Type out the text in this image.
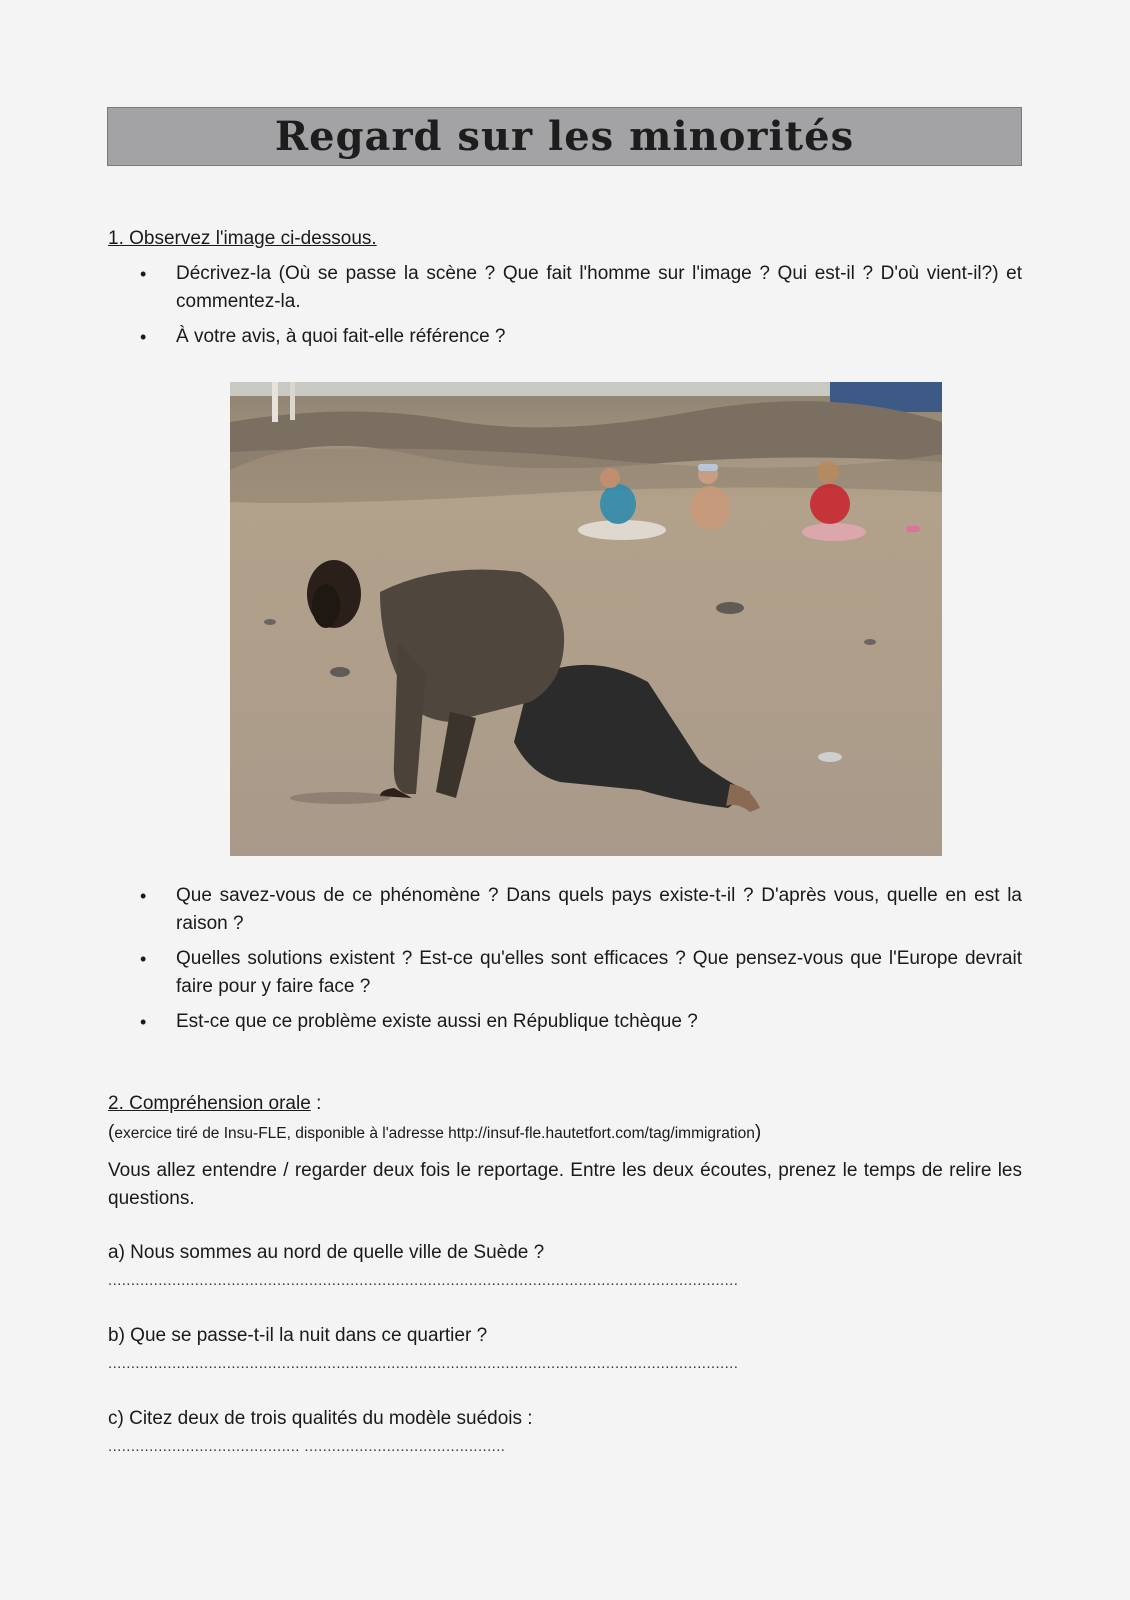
Regard sur les minorités
1. Observez l'image ci-dessous.
• Décrivez-la (Où se passe la scène ? Que fait l'homme sur l'image ? Qui est-il ? D'où vient-il?) et commentez-la.
• À votre avis, à quoi fait-elle référence ?
• Que savez-vous de ce phénomène ? Dans quels pays existe-t-il ? D'après vous, quelle en est la raison ?
• Quelles solutions existent ? Est-ce qu'elles sont efficaces ? Que pensez-vous que l'Europe devrait faire pour y faire face ?
• Est-ce que ce problème existe aussi en République tchèque ?
2. Compréhension orale :
(exercice tiré de Insu-FLE, disponible à l'adresse http://insuf-fle.hautetfort.com/tag/immigration)

Vous allez entendre / regarder deux fois le reportage. Entre les deux écoutes, prenez le temps de relire les questions.

a) Nous sommes au nord de quelle ville de Suède ?
..........................................................................................................................................
b) Que se passe-t-il la nuit dans ce quartier ?
..........................................................................................................................................
c) Citez deux de trois qualités du modèle suédois :
.......................................... ............................................
